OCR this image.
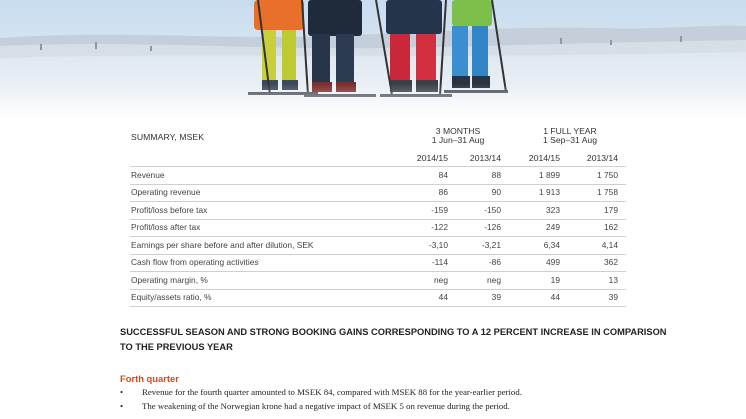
SUMMARY, MSEK
3 MONTHS
1 Jun–31 Aug
1 FULL YEAR
1 Sep–31 Aug
2014/15	2013/14	2014/15	2013/14
Revenue	84	88	1 899	1 750
Operating revenue	86	90	1 913	1 758
Profit/loss before tax	-159	-150	323	179
Profit/loss after tax	-122	-126	249	162
Earnings per share before and after dilution, SEK	-3,10	-3,21	6,34	4,14
Cash flow from operating activities	-114	-86	499	362
Operating margin, %	neg	neg	19	13
Equity/assets ratio, %	44	39	44	39
SUCCESSFUL SEASON AND STRONG BOOKING GAINS CORRESPONDING TO A 12 PERCENT INCREASE IN COMPARISON TO THE PREVIOUS YEAR
Forth quarter
• Revenue for the fourth quarter amounted to MSEK 84, compared with MSEK 88 for the year-earlier period.
• The weakening of the Norwegian krone had a negative impact of MSEK 5 on revenue during the period.
